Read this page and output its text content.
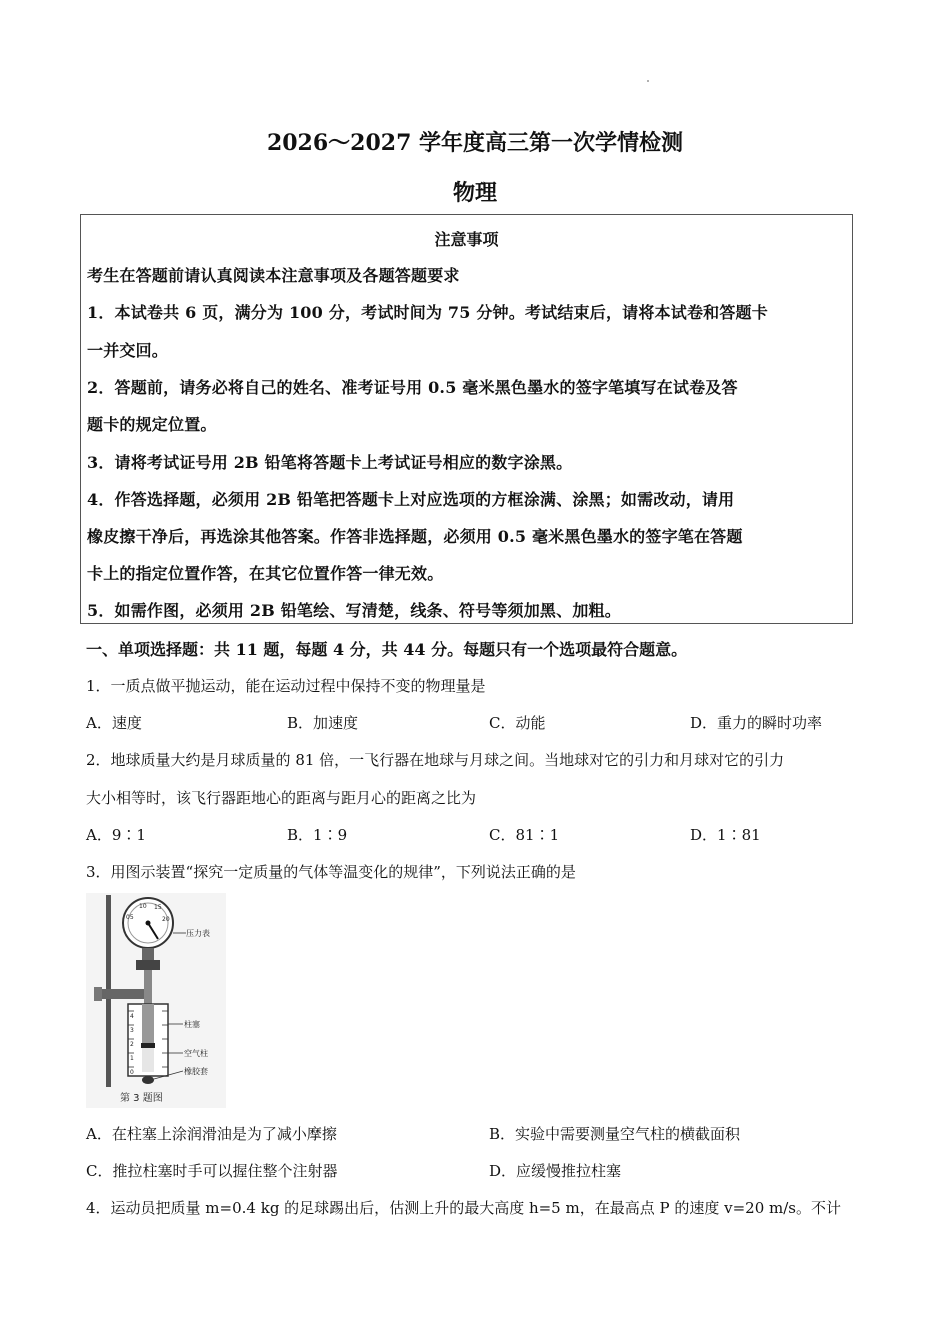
2026～2027 学年度高三第一次学情检测
物理
注意事项
考生在答题前请认真阅读本注意事项及各题答题要求
1．本试卷共 6 页，满分为 100 分，考试时间为 75 分钟。考试结束后，请将本试卷和答题卡
一并交回。
2．答题前，请务必将自己的姓名、准考证号用 0.5 毫米黑色墨水的签字笔填写在试卷及答
题卡的规定位置。
3．请将考试证号用 2B 铅笔将答题卡上考试证号相应的数字涂黑。
4．作答选择题，必须用 2B 铅笔把答题卡上对应选项的方框涂满、涂黑；如需改动，请用
橡皮擦干净后，再选涂其他答案。作答非选择题，必须用 0.5 毫米黑色墨水的签字笔在答题
卡上的指定位置作答，在其它位置作答一律无效。
5．如需作图，必须用 2B 铅笔绘、写清楚，线条、符号等须加黑、加粗。
一、单项选择题：共 11 题，每题 4 分，共 44 分。每题只有一个选项最符合题意。
1．一质点做平抛运动，能在运动过程中保持不变的物理量是
A．速度	B．加速度	C．动能	D．重力的瞬时功率
2．地球质量大约是月球质量的 81 倍，一飞行器在地球与月球之间。当地球对它的引力和月球对它的引力
大小相等时，该飞行器距地心的距离与距月心的距离之比为
A．9∶1	B．1∶9	C．81∶1	D．1∶81
3．用图示装置“探究一定质量的气体等温变化的规律”，下列说法正确的是
05
10 15
20
压力表
4
3
2
1
0
柱塞
空气柱
橡胶套
第 3 题图
A．在柱塞上涂润滑油是为了减小摩擦	B．实验中需要测量空气柱的横截面积
C．推拉柱塞时手可以握住整个注射器	D．应缓慢推拉柱塞
4．运动员把质量 m=0.4 kg 的足球踢出后，估测上升的最大高度 h=5 m，在最高点 P 的速度 v=20 m/s。不计
